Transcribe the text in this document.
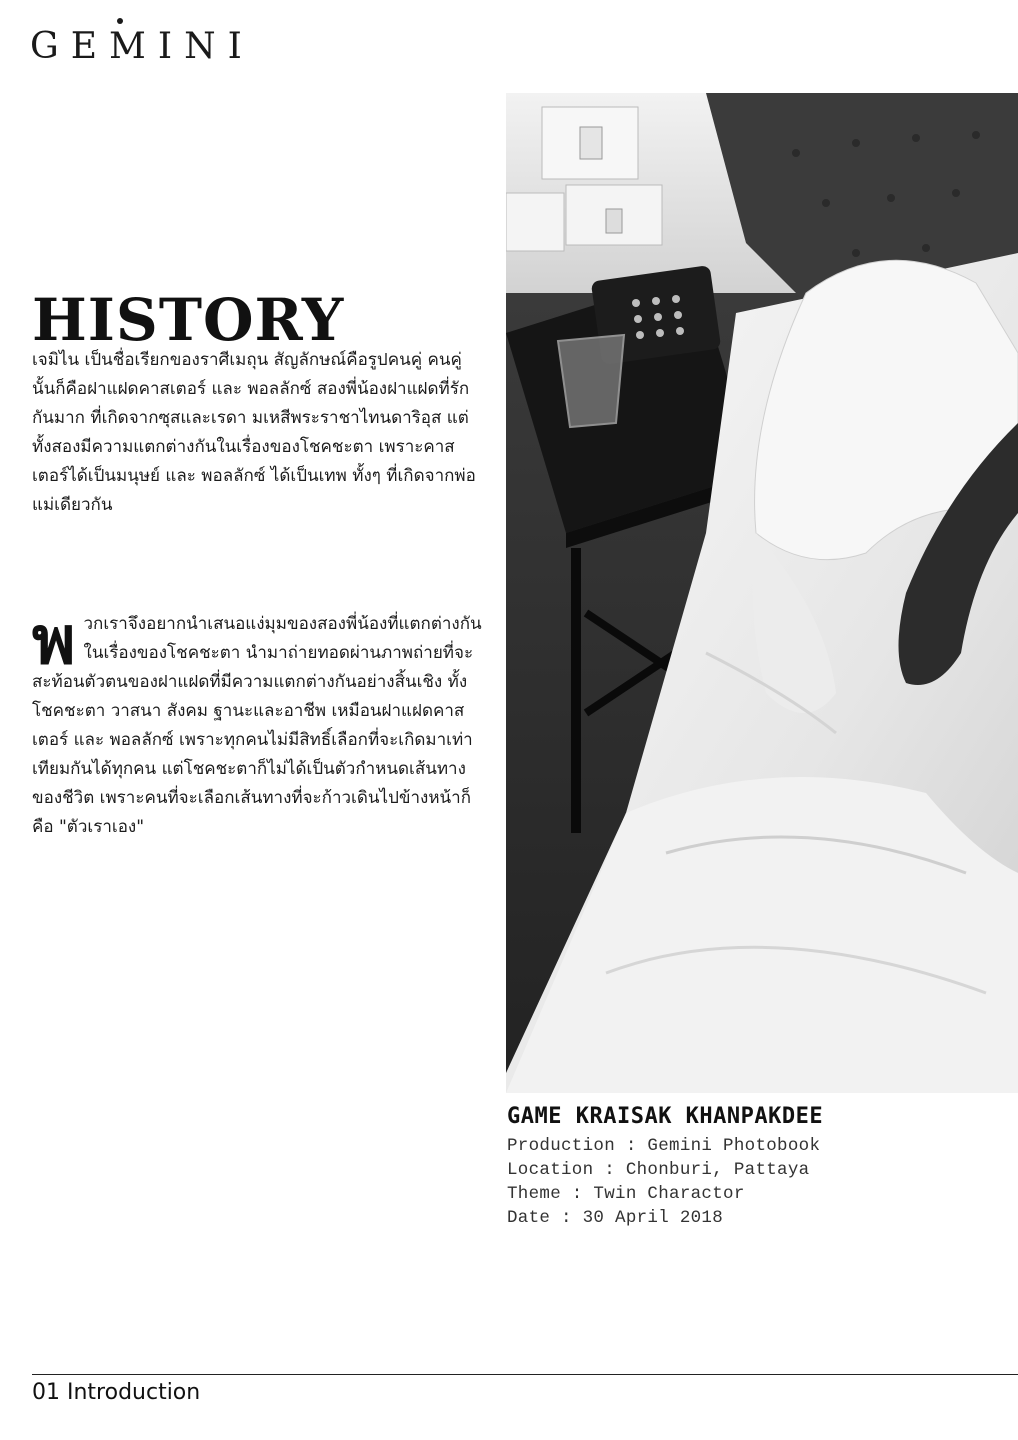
GEMINI
HISTORY

เจมิไน เป็นชื่อเรียกของราศีเมถุน สัญลักษณ์คือรูปคนคู่ คนคู่นั้นก็คือฝาแฝดคาสเตอร์ และ พอลลักซ์ สองพี่น้องฝาแฝดที่รักกันมาก ที่เกิดจากซุสและเรดา มเหสีพระราชาไทนดาริอุส แต่ทั้งสองมีความแตกต่างกันในเรื่องของโชคชะตา เพราะคาสเตอร์ได้เป็นมนุษย์ และ พอลลักซ์ ได้เป็นเทพ ทั้งๆ ที่เกิดจากพ่อแม่เดียวกัน

พ วกเราจึงอยากนำเสนอแง่มุมของสองพี่น้องที่แตกต่างกันในเรื่องของโชคชะตา นำมาถ่ายทอดผ่านภาพถ่ายที่จะสะท้อนตัวตนของฝาแฝดที่มีความแตกต่างกันอย่างสิ้นเชิง ทั้งโชคชะตา วาสนา สังคม ฐานะและอาชีพ เหมือนฝาแฝดคาสเตอร์ และ พอลลักซ์ เพราะทุกคนไม่มีสิทธิ์เลือกที่จะเกิดมาเท่าเทียมกันได้ทุกคน แต่โชคชะตาก็ไม่ได้เป็นตัวกำหนดเส้นทางของชีวิต เพราะคนที่จะเลือกเส้นทางที่จะก้าวเดินไปข้างหน้าก็คือ "ตัวเราเอง"

GAME KRAISAK KHANPAKDEE

Production : Gemini Photobook

Location : Chonburi, Pattaya

Theme : Twin Charactor

Date : 30 April 2018

01 Introduction
